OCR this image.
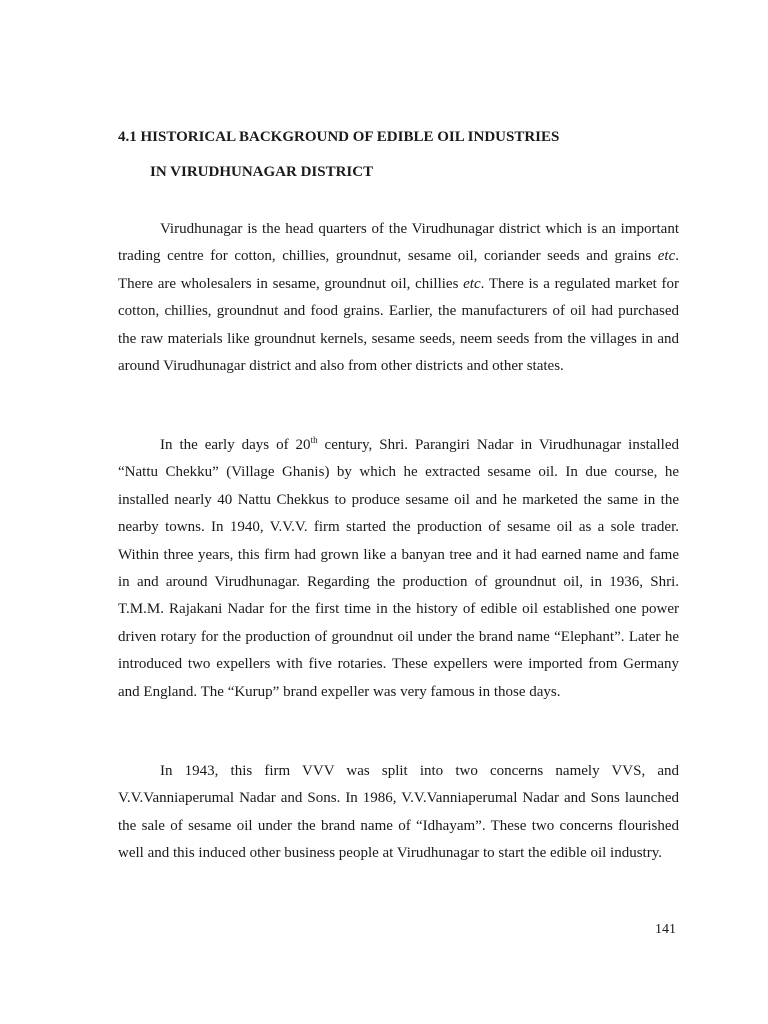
4.1 HISTORICAL BACKGROUND OF EDIBLE OIL INDUSTRIES
IN VIRUDHUNAGAR DISTRICT

Virudhunagar is the head quarters of the Virudhunagar district which is an important trading centre for cotton, chillies, groundnut, sesame oil, coriander seeds and grains etc. There are wholesalers in sesame, groundnut oil, chillies etc. There is a regulated market for cotton, chillies, groundnut and food grains. Earlier, the manufacturers of oil had purchased the raw materials like groundnut kernels, sesame seeds, neem seeds from the villages in and around Virudhunagar district and also from other districts and other states.

In the early days of 20th century, Shri. Parangiri Nadar in Virudhunagar installed “Nattu Chekku” (Village Ghanis) by which he extracted sesame oil. In due course, he installed nearly 40 Nattu Chekkus to produce sesame oil and he marketed the same in the nearby towns. In 1940, V.V.V. firm started the production of sesame oil as a sole trader. Within three years, this firm had grown like a banyan tree and it had earned name and fame in and around Virudhunagar. Regarding the production of groundnut oil, in 1936, Shri. T.M.M. Rajakani Nadar for the first time in the history of edible oil established one power driven rotary for the production of groundnut oil under the brand name “Elephant”. Later he introduced two expellers with five rotaries. These expellers were imported from Germany and England. The “Kurup” brand expeller was very famous in those days.

In 1943, this firm VVV was split into two concerns namely VVS, and V.V.Vanniaperumal Nadar and Sons. In 1986, V.V.Vanniaperumal Nadar and Sons launched the sale of sesame oil under the brand name of “Idhayam”. These two concerns flourished well and this induced other business people at Virudhunagar to start the edible oil industry.

141
